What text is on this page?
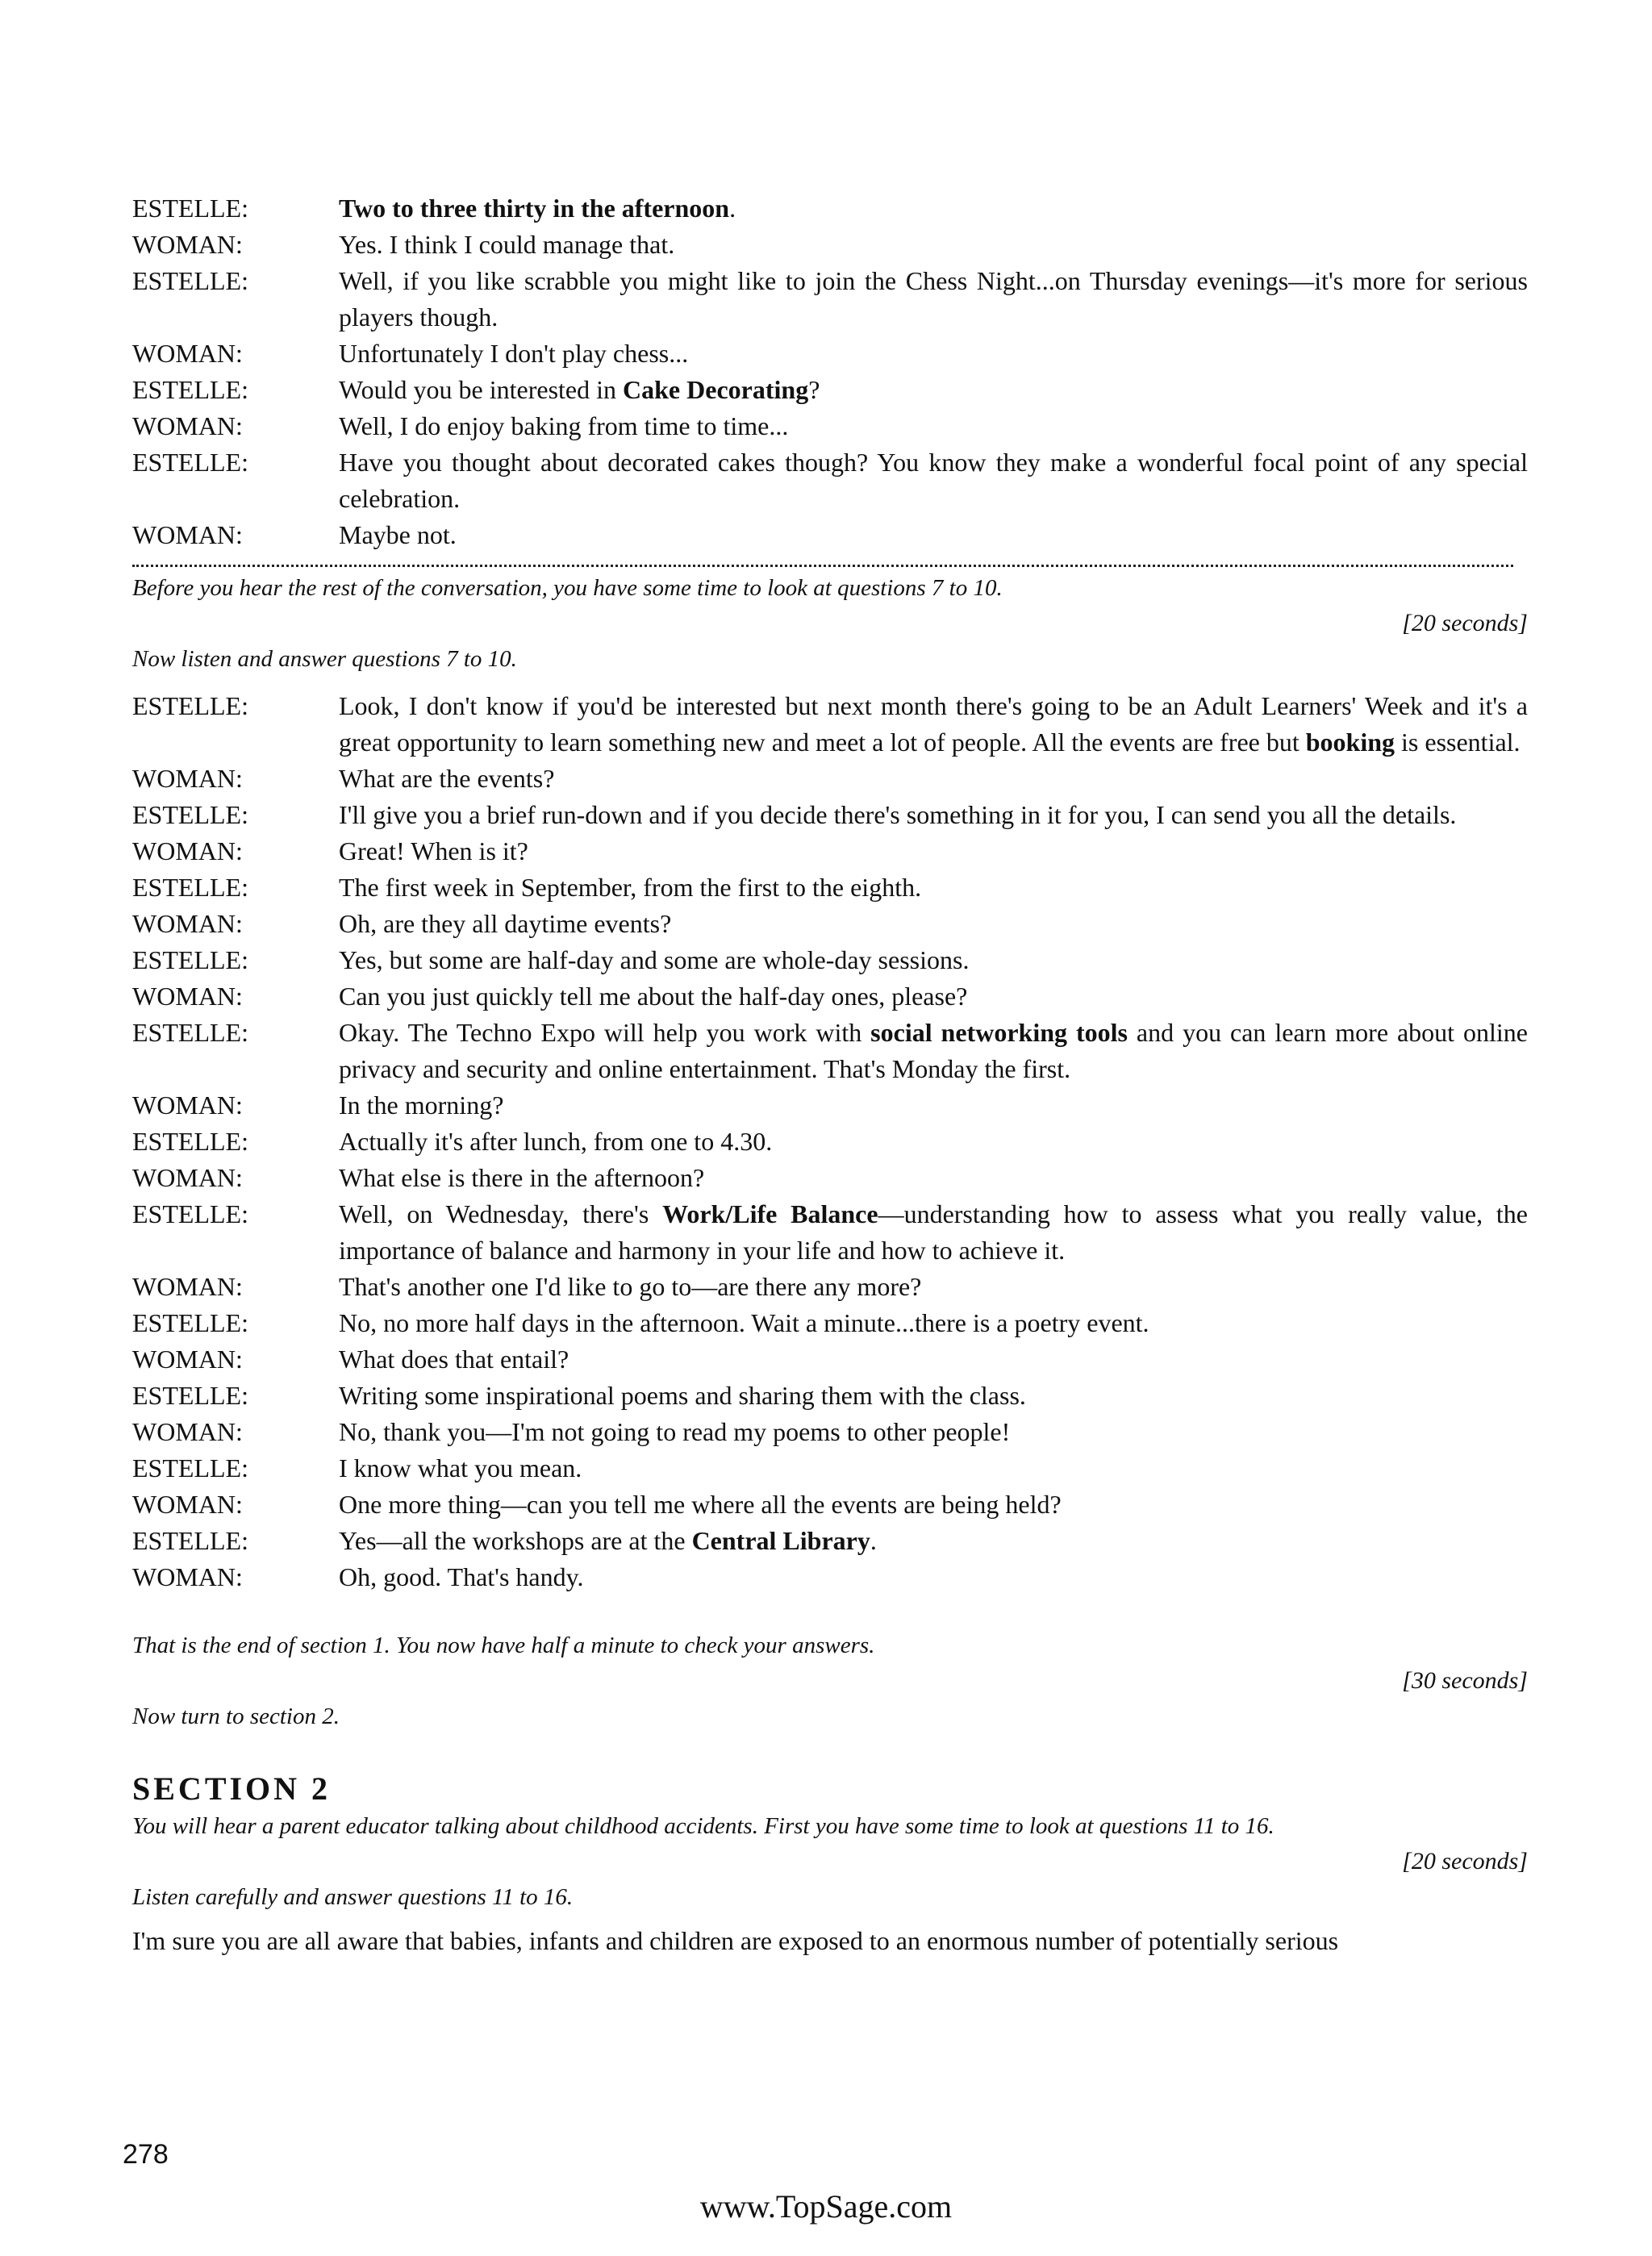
ESTELLE:	Two to three thirty in the afternoon.
WOMAN:	Yes. I think I could manage that.
ESTELLE:	Well, if you like scrabble you might like to join the Chess Night...on Thursday evenings—it's more for serious players though.
WOMAN:	Unfortunately I don't play chess...
ESTELLE:	Would you be interested in Cake Decorating?
WOMAN:	Well, I do enjoy baking from time to time...
ESTELLE:	Have you thought about decorated cakes though? You know they make a wonderful focal point of any special celebration.
WOMAN:	Maybe not.
Before you hear the rest of the conversation, you have some time to look at questions 7 to 10.
[20 seconds]
Now listen and answer questions 7 to 10.
ESTELLE:	Look, I don't know if you'd be interested but next month there's going to be an Adult Learners' Week and it's a great opportunity to learn something new and meet a lot of people. All the events are free but booking is essential.
WOMAN:	What are the events?
ESTELLE:	I'll give you a brief run-down and if you decide there's something in it for you, I can send you all the details.
WOMAN:	Great! When is it?
ESTELLE:	The first week in September, from the first to the eighth.
WOMAN:	Oh, are they all daytime events?
ESTELLE:	Yes, but some are half-day and some are whole-day sessions.
WOMAN:	Can you just quickly tell me about the half-day ones, please?
ESTELLE:	Okay. The Techno Expo will help you work with social networking tools and you can learn more about online privacy and security and online entertainment. That's Monday the first.
WOMAN:	In the morning?
ESTELLE:	Actually it's after lunch, from one to 4.30.
WOMAN:	What else is there in the afternoon?
ESTELLE:	Well, on Wednesday, there's Work/Life Balance—understanding how to assess what you really value, the importance of balance and harmony in your life and how to achieve it.
WOMAN:	That's another one I'd like to go to—are there any more?
ESTELLE:	No, no more half days in the afternoon. Wait a minute...there is a poetry event.
WOMAN:	What does that entail?
ESTELLE:	Writing some inspirational poems and sharing them with the class.
WOMAN:	No, thank you—I'm not going to read my poems to other people!
ESTELLE:	I know what you mean.
WOMAN:	One more thing—can you tell me where all the events are being held?
ESTELLE:	Yes—all the workshops are at the Central Library.
WOMAN:	Oh, good. That's handy.
That is the end of section 1. You now have half a minute to check your answers.
[30 seconds]
Now turn to section 2.
SECTION 2
You will hear a parent educator talking about childhood accidents. First you have some time to look at questions 11 to 16.
[20 seconds]
Listen carefully and answer questions 11 to 16.
I'm sure you are all aware that babies, infants and children are exposed to an enormous number of potentially serious
278
www.TopSage.com
